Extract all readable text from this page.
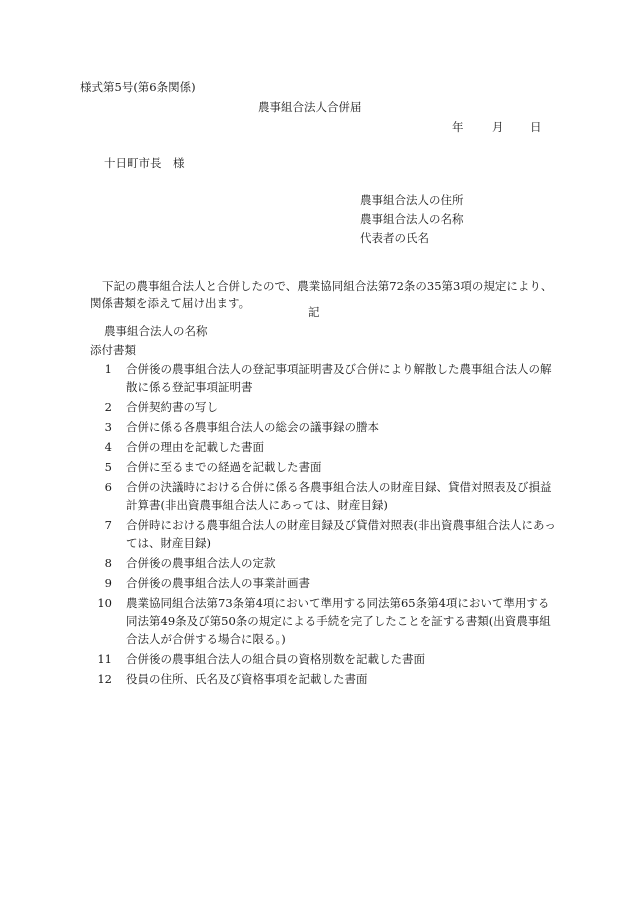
様式第5号(第6条関係)
農事組合法人合併届
年 月 日
十日町市長　様
農事組合法人の住所
農事組合法人の名称
代表者の氏名

下記の農事組合法人と合併したので、農業協同組合法第72条の35第3項の規定により、関係書類を添えて届け出ます。

記
農事組合法人の名称
添付書類
1	合併後の農事組合法人の登記事項証明書及び合併により解散した農事組合法人の解散に係る登記事項証明書
2	合併契約書の写し
3	合併に係る各農事組合法人の総会の議事録の謄本
4	合併の理由を記載した書面
5	合併に至るまでの経過を記載した書面
6	合併の決議時における合併に係る各農事組合法人の財産目録、貸借対照表及び損益計算書(非出資農事組合法人にあっては、財産目録)
7	合併時における農事組合法人の財産目録及び貸借対照表(非出資農事組合法人にあっては、財産目録)
8	合併後の農事組合法人の定款
9	合併後の農事組合法人の事業計画書
10	農業協同組合法第73条第4項において準用する同法第65条第4項において準用する同法第49条及び第50条の規定による手続を完了したことを証する書類(出資農事組合法人が合併する場合に限る。)
11	合併後の農事組合法人の組合員の資格別数を記載した書面
12	役員の住所、氏名及び資格事項を記載した書面
